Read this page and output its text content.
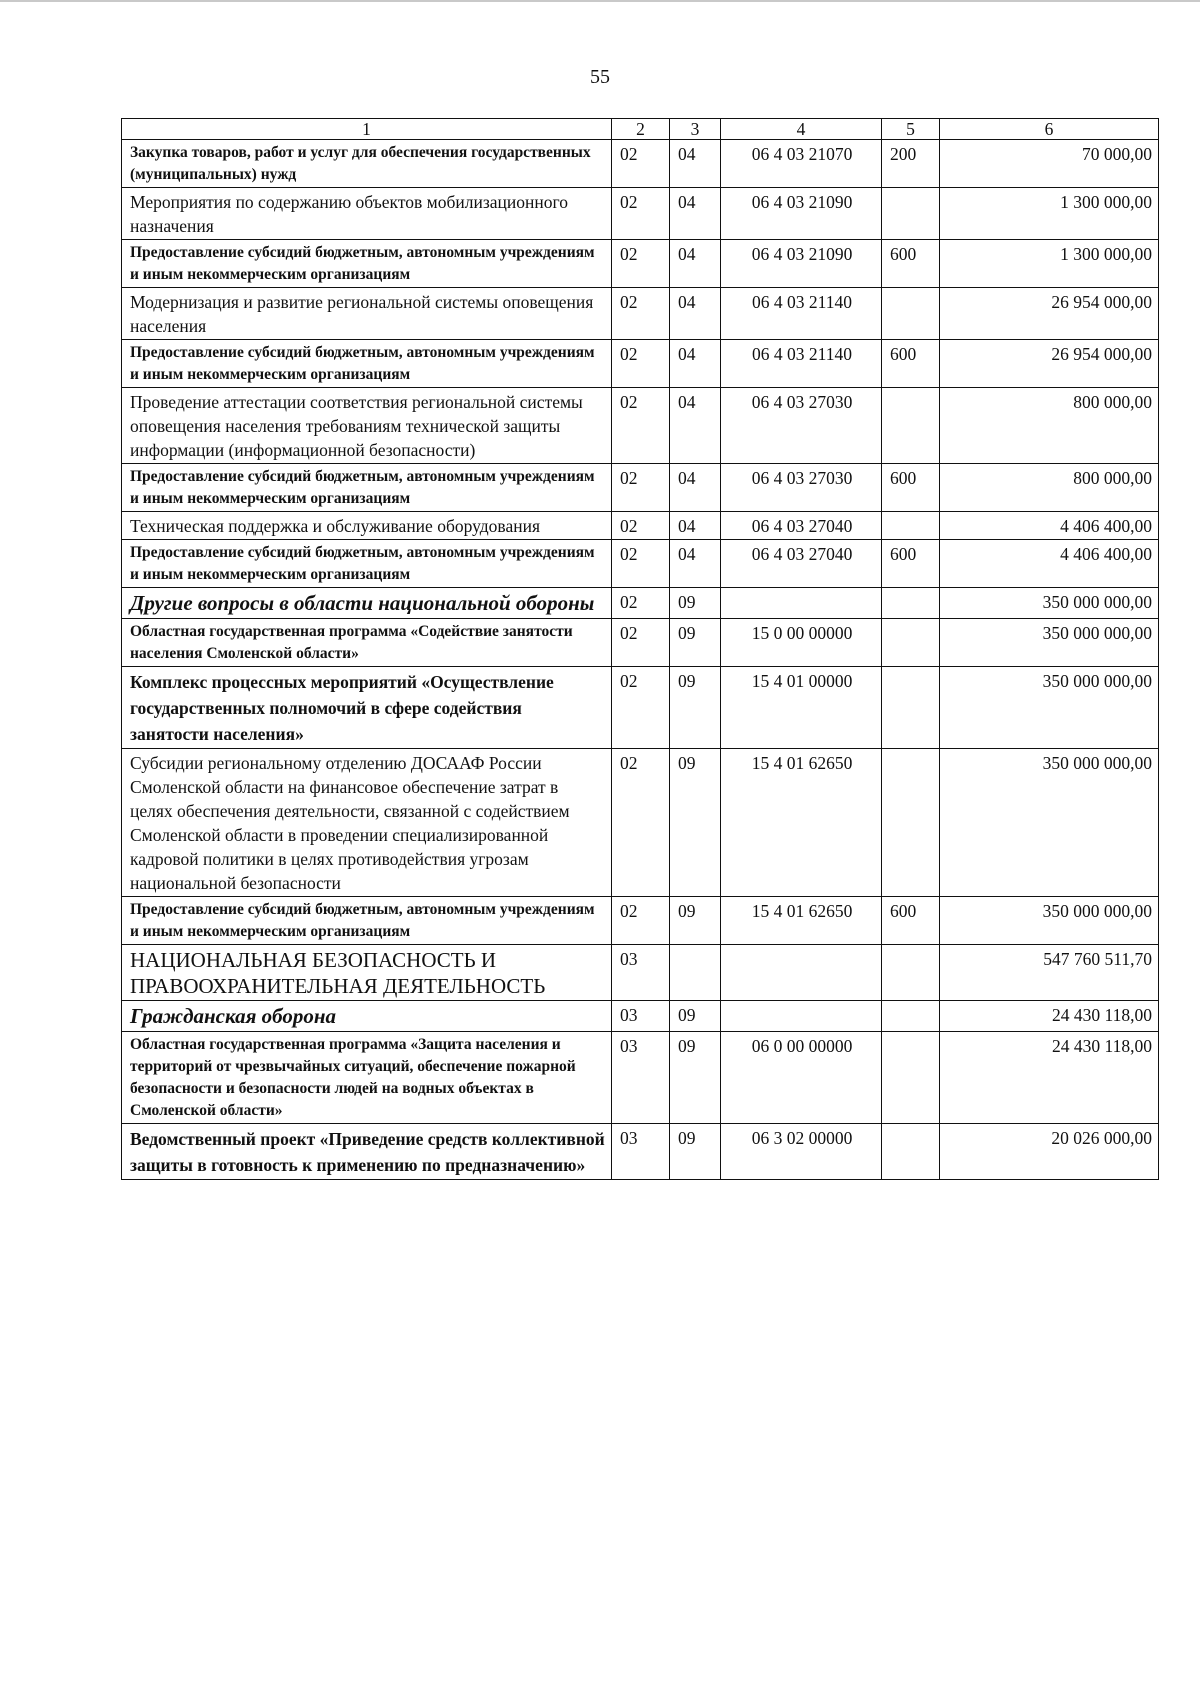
55
1	2	3	4	5	6
Закупка товаров, работ и услуг для обеспечения государственных (муниципальных) нужд	02	04	06 4 03 21070	200	70 000,00
Мероприятия по содержанию объектов мобилизационного назначения	02	04	06 4 03 21090		1 300 000,00
Предоставление субсидий бюджетным, автономным учреждениям и иным некоммерческим организациям	02	04	06 4 03 21090	600	1 300 000,00
Модернизация и развитие региональной системы оповещения населения	02	04	06 4 03 21140		26 954 000,00
Предоставление субсидий бюджетным, автономным учреждениям и иным некоммерческим организациям	02	04	06 4 03 21140	600	26 954 000,00
Проведение аттестации соответствия региональной системы оповещения населения требованиям технической защиты информации (информационной безопасности)	02	04	06 4 03 27030		800 000,00
Предоставление субсидий бюджетным, автономным учреждениям и иным некоммерческим организациям	02	04	06 4 03 27030	600	800 000,00
Техническая поддержка и обслуживание оборудования	02	04	06 4 03 27040		4 406 400,00
Предоставление субсидий бюджетным, автономным учреждениям и иным некоммерческим организациям	02	04	06 4 03 27040	600	4 406 400,00
Другие вопросы в области национальной обороны	02	09			350 000 000,00
Областная государственная программа «Содействие занятости населения Смоленской области»	02	09	15 0 00 00000		350 000 000,00
Комплекс процессных мероприятий «Осуществление государственных полномочий в сфере содействия занятости населения»	02	09	15 4 01 00000		350 000 000,00
Субсидии региональному отделению ДОСААФ России Смоленской области на финансовое обеспечение затрат в целях обеспечения деятельности, связанной с содействием Смоленской области в проведении специализированной кадровой политики в целях противодействия угрозам национальной безопасности	02	09	15 4 01 62650		350 000 000,00
Предоставление субсидий бюджетным, автономным учреждениям и иным некоммерческим организациям	02	09	15 4 01 62650	600	350 000 000,00
НАЦИОНАЛЬНАЯ БЕЗОПАСНОСТЬ И ПРАВООХРАНИТЕЛЬНАЯ ДЕЯТЕЛЬНОСТЬ	03				547 760 511,70
Гражданская оборона	03	09			24 430 118,00
Областная государственная программа «Защита населения и территорий от чрезвычайных ситуаций, обеспечение пожарной безопасности и безопасности людей на водных объектах в Смоленской области»	03	09	06 0 00 00000		24 430 118,00
Ведомственный проект «Приведение средств коллективной защиты в готовность к применению по предназначению»	03	09	06 3 02 00000		20 026 000,00
